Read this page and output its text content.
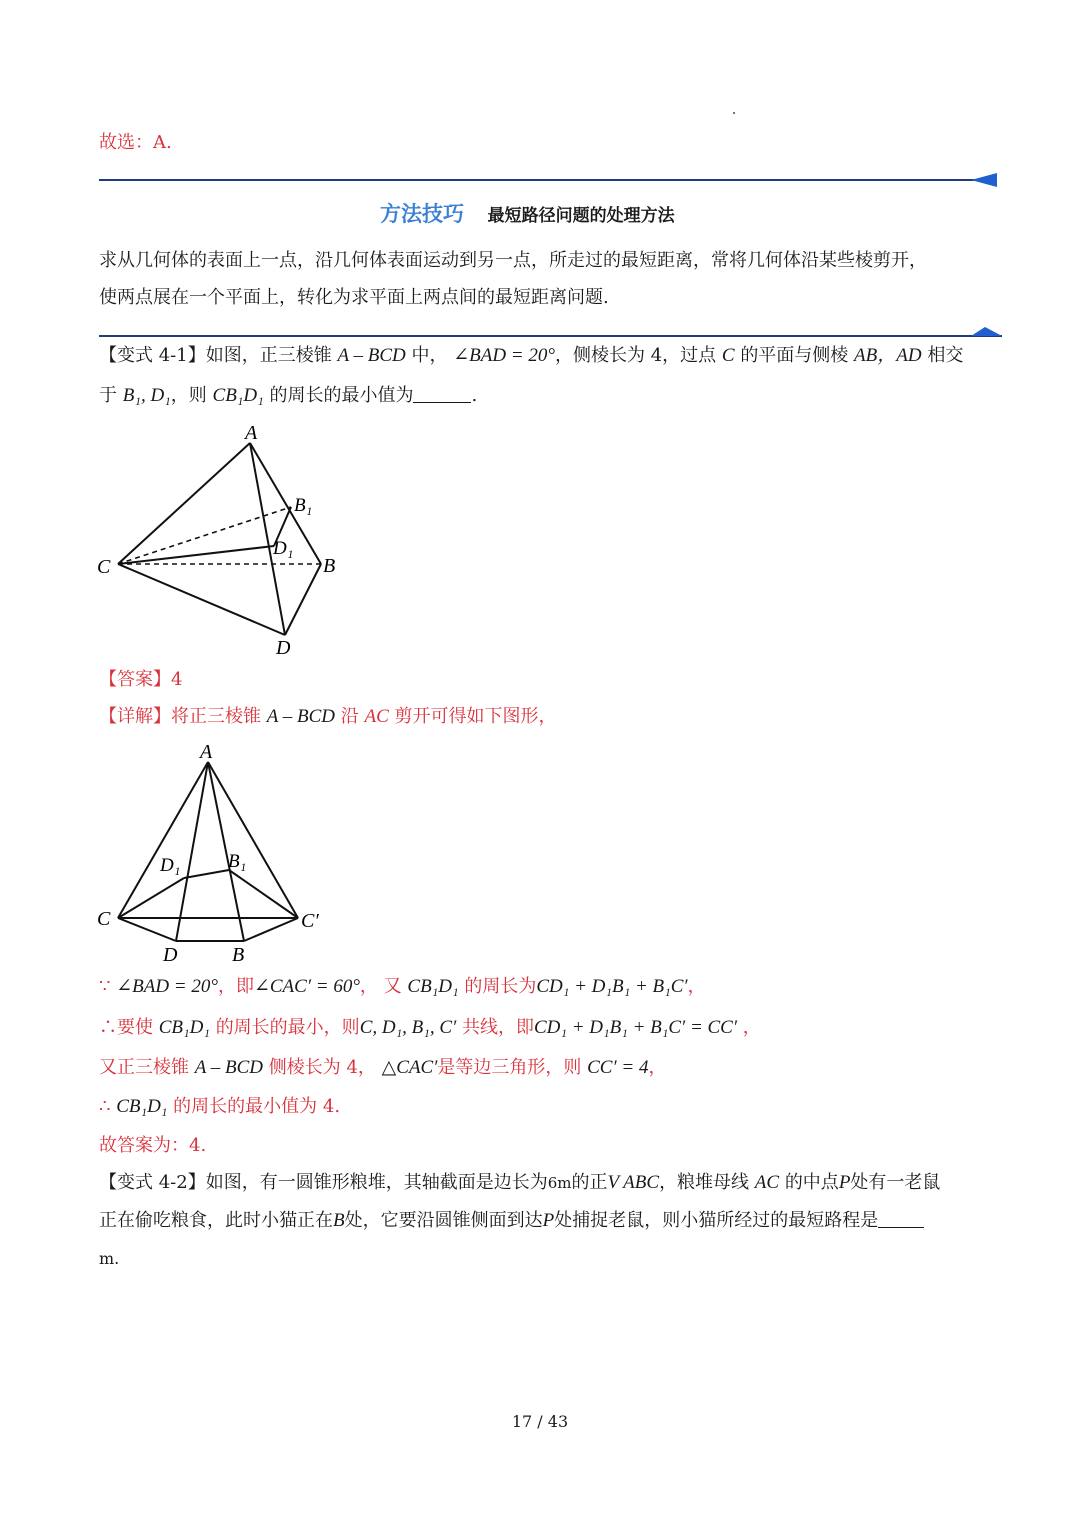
故选：A.
方法技巧 最短路径问题的处理方法
求从几何体的表面上一点，沿几何体表面运动到另一点，所走过的最短距离，常将几何体沿某些棱剪开，
使两点展在一个平面上，转化为求平面上两点间的最短距离问题.
【变式 4-1】如图，正三棱锥 A – BCD 中， ∠BAD = 20°，侧棱长为 4，过点 C 的平面与侧棱 AB，AD 相交
于 B₁, D₁，则 CB₁D₁ 的周长的最小值为	.
A
B₁
D₁
C	B
D
【答案】4
【详解】将正三棱锥 A – BCD 沿 AC 剪开可得如下图形，
A
D₁	B₁
C	C′
D	B
∵ ∠BAD = 20°，即∠CAC′ = 60°， 又 CB₁D₁ 的周长为CD₁ + D₁B₁ + B₁C′，
∴要使 CB₁D₁ 的周长的最小，则C, D₁, B₁, C′ 共线，即CD₁ + D₁B₁ + B₁C′ = CC′ ，
又正三棱锥 A – BCD 侧棱长为 4， △CAC′是等边三角形，则 CC′ = 4，
∴ CB₁D₁ 的周长的最小值为 4.
故答案为：4.
【变式 4-2】如图，有一圆锥形粮堆，其轴截面是边长为6m的正V ABC，粮堆母线 AC 的中点P处有一老鼠
正在偷吃粮食，此时小猫正在B处，它要沿圆锥侧面到达P处捕捉老鼠，则小猫所经过的最短路程是
m.
17 / 43
